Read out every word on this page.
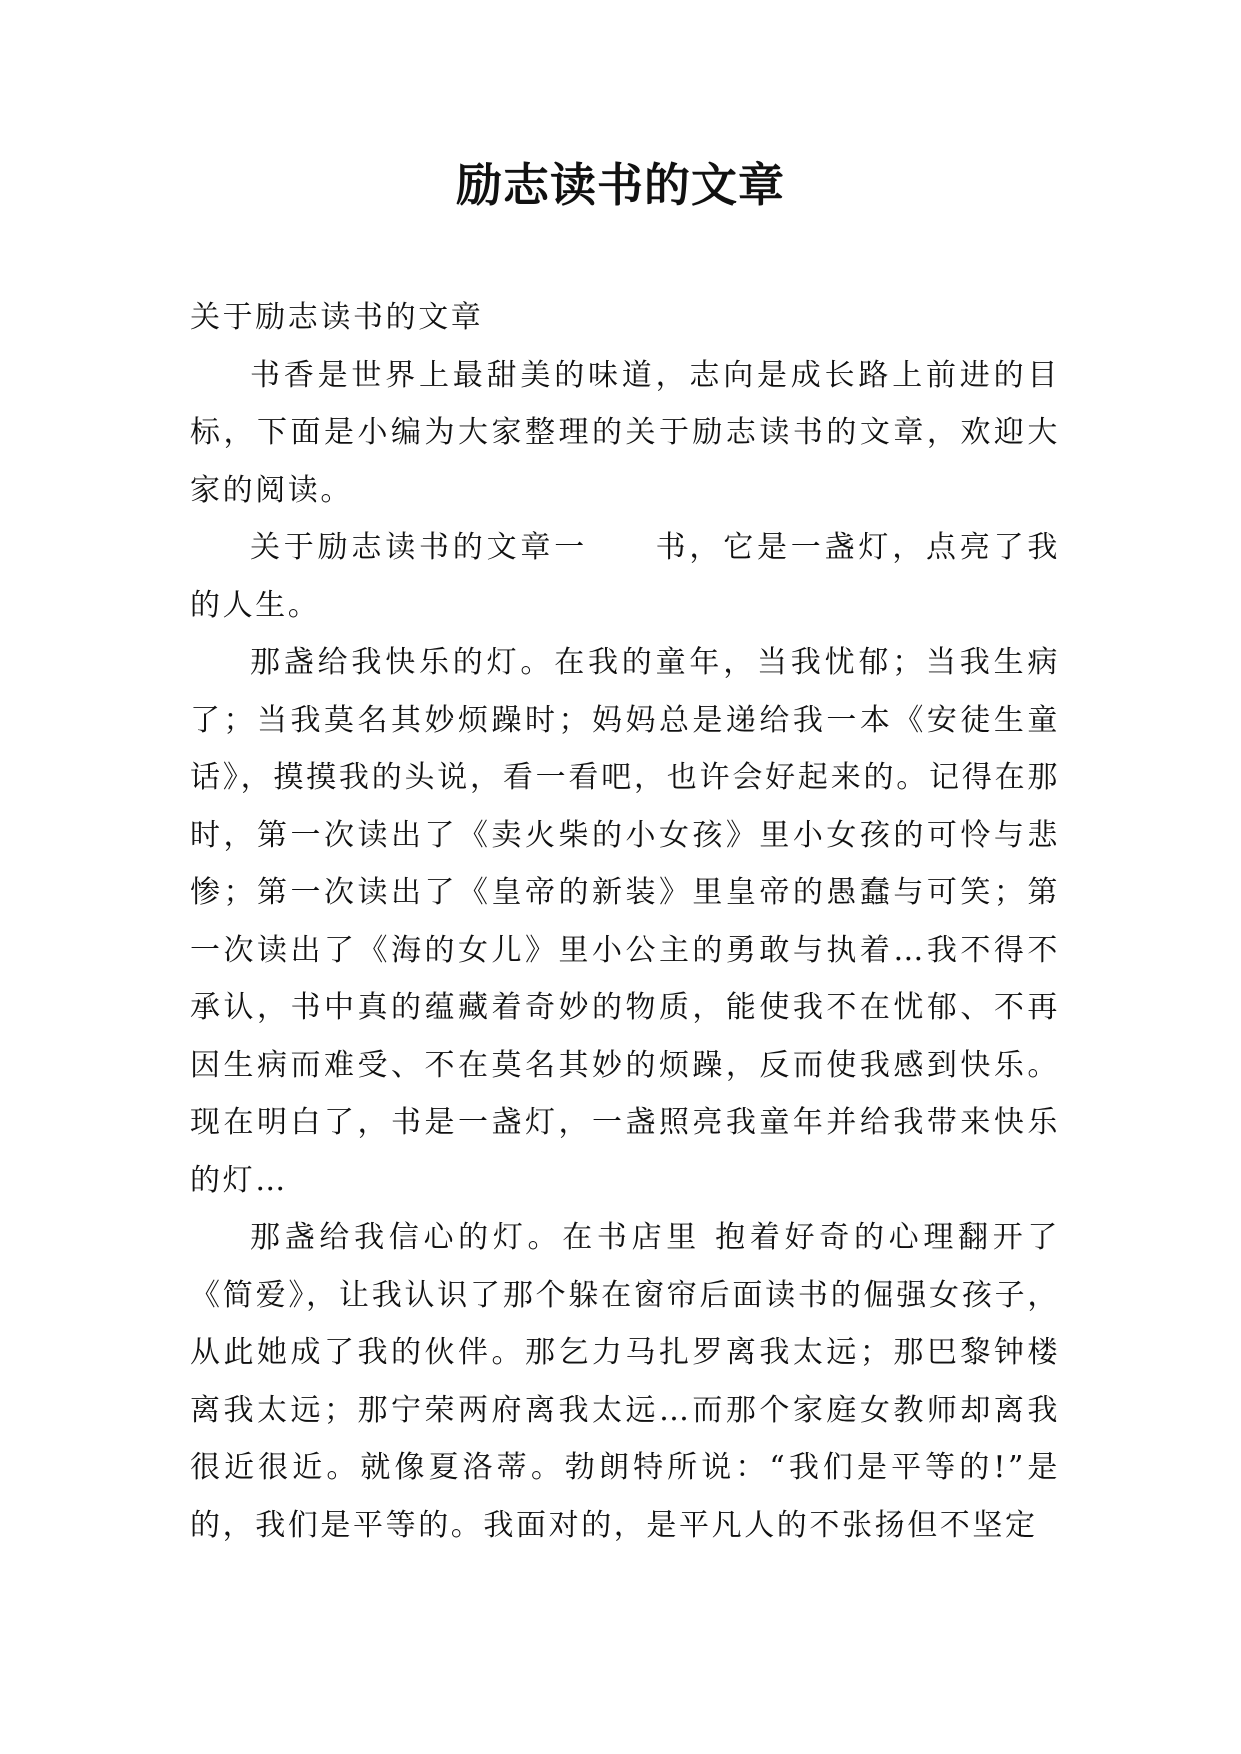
励志读书的文章

关于励志读书的文章

书香是世界上最甜美的味道，志向是成长路上前进的目标，下面是小编为大家整理的关于励志读书的文章，欢迎大家的阅读。

关于励志读书的文章一　　书，它是一盏灯，点亮了我的人生。

那盏给我快乐的灯。在我的童年，当我忧郁；当我生病了；当我莫名其妙烦躁时；妈妈总是递给我一本《安徒生童话》，摸摸我的头说，看一看吧，也许会好起来的。记得在那时，第一次读出了《卖火柴的小女孩》里小女孩的可怜与悲惨；第一次读出了《皇帝的新装》里皇帝的愚蠢与可笑；第一次读出了《海的女儿》里小公主的勇敢与执着…我不得不承认，书中真的蕴藏着奇妙的物质，能使我不在忧郁、不再因生病而难受、不在莫名其妙的烦躁，反而使我感到快乐。现在明白了，书是一盏灯，一盏照亮我童年并给我带来快乐的灯…

那盏给我信心的灯。在书店里 抱着好奇的心理翻开了《简爱》，让我认识了那个躲在窗帘后面读书的倔强女孩子，从此她成了我的伙伴。那乞力马扎罗离我太远；那巴黎钟楼离我太远；那宁荣两府离我太远…而那个家庭女教师却离我很近很近。就像夏洛蒂。勃朗特所说：“我们是平等的!”是的，我们是平等的。我面对的，是平凡人的不张扬但不坚定
